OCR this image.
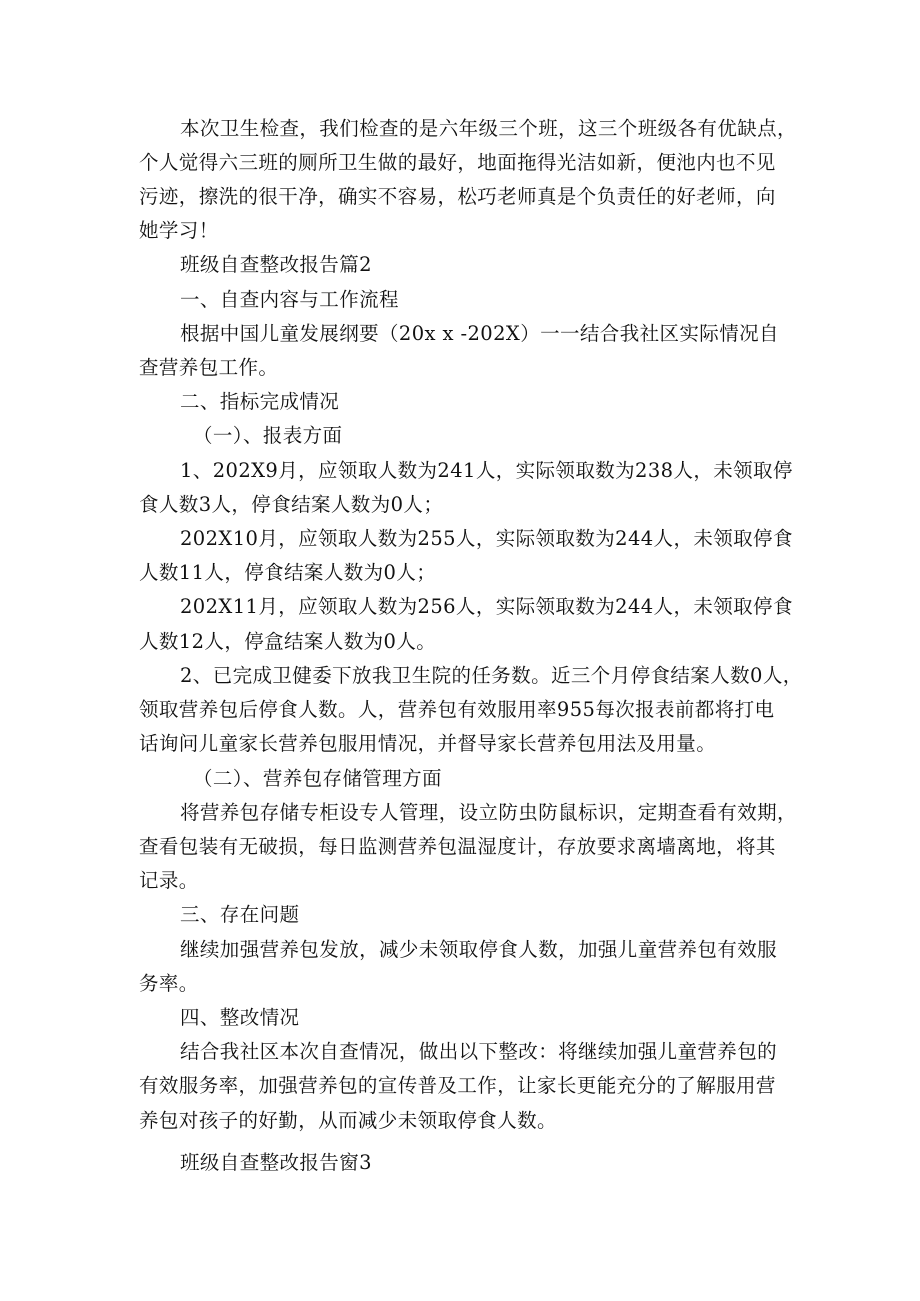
本次卫生检查，我们检查的是六年级三个班，这三个班级各有优缺点，
个人觉得六三班的厕所卫生做的最好，地面拖得光洁如新，便池内也不见
污迹，擦洗的很干净，确实不容易，松巧老师真是个负责任的好老师，向
她学习！
班级自查整改报告篇2
一、自查内容与工作流程
根据中国儿童发展纲要（20x x -202X）一一结合我社区实际情况自
查营养包工作。
二、指标完成情况
（一）、报表方面
1、202X9月，应领取人数为241人，实际领取数为238人，未领取停
食人数3人，停食结案人数为0人；
202X10月，应领取人数为255人，实际领取数为244人，未领取停食
人数11人，停食结案人数为0人；
202X11月，应领取人数为256人，实际领取数为244人，未领取停食
人数12人，停盒结案人数为0人。
2、已完成卫健委下放我卫生院的任务数。近三个月停食结案人数0人，
领取营养包后停食人数。人，营养包有效服用率955每次报表前都将打电
话询问儿童家长营养包服用情况，并督导家长营养包用法及用量。
（二）、营养包存储管理方面
将营养包存储专柜设专人管理，设立防虫防鼠标识，定期查看有效期，
查看包装有无破损，每日监测营养包温湿度计，存放要求离墙离地，将其
记录。
三、存在问题
继续加强营养包发放，减少未领取停食人数，加强儿童营养包有效服
务率。
四、整改情况
结合我社区本次自查情况，做出以下整改：将继续加强儿童营养包的
有效服务率，加强营养包的宣传普及工作，让家长更能充分的了解服用营
养包对孩子的好勤，从而减少未领取停食人数。
班级自查整改报告窗3
